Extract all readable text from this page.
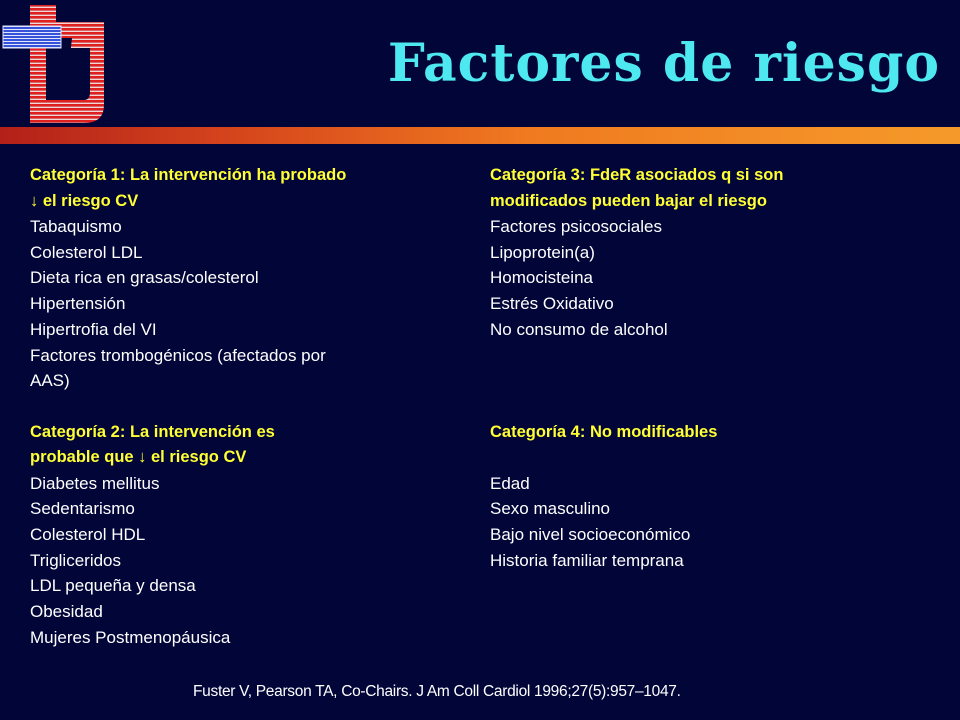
Factores de riesgo

Categoría 1: La intervención ha probado
↓ el riesgo CV

Tabaquismo

Colesterol LDL

Dieta rica en grasas/colesterol

Hipertensión

Hipertrofia del VI

Factores trombogénicos (afectados por

AAS)

Categoría 2: La intervención es
probable que ↓ el riesgo CV

Diabetes mellitus

Sedentarismo

Colesterol HDL

Trigliceridos

LDL pequeña y densa

Obesidad

Mujeres Postmenopáusica

Categoría 3: FdeR asociados q si son
modificados pueden bajar el riesgo

Factores psicosociales

Lipoprotein(a)

Homocisteina

Estrés Oxidativo

No consumo de alcohol

Categoría 4: No modificables

Edad

Sexo masculino

Bajo nivel socioeconómico

Historia familiar temprana

Fuster V, Pearson TA, Co-Chairs. J Am Coll Cardiol 1996;27(5):957–1047.
